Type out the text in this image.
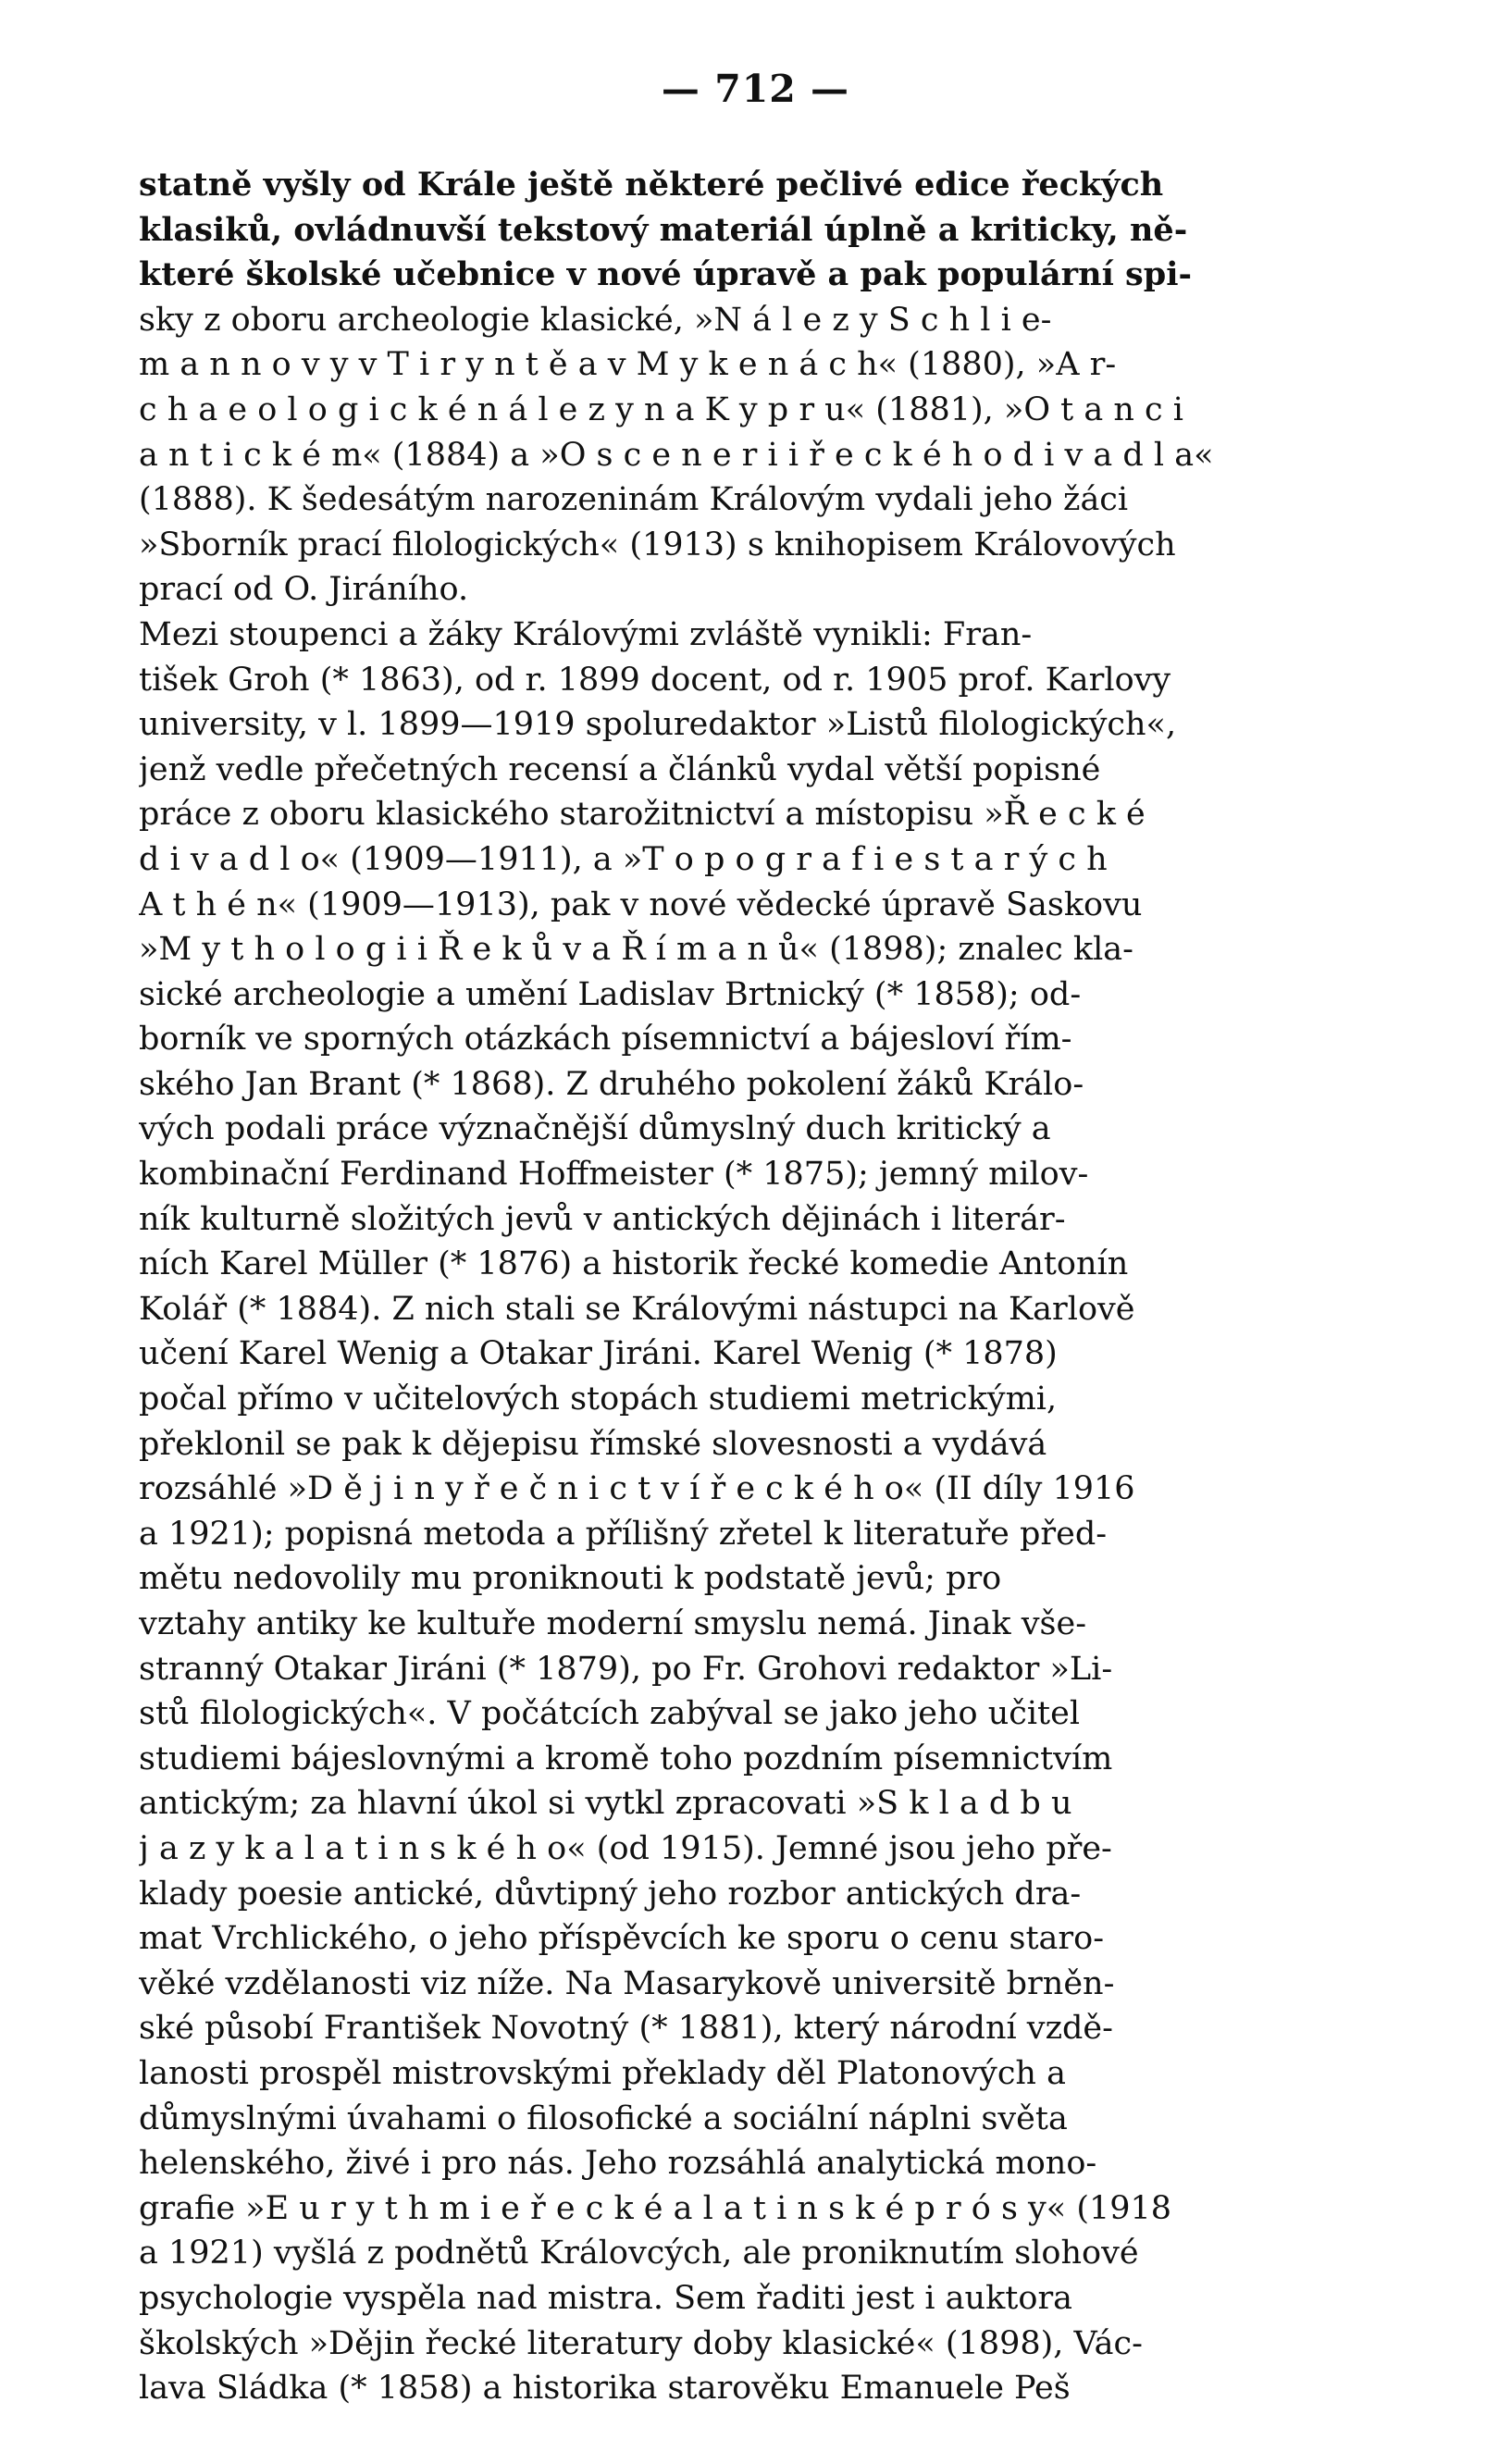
— 712 —
statně vyšly od Krále ještě některé pečlivé edice řeckých
klasiků, ovládnuvší tekstový materiál úplně a kriticky, ně-
které školské učebnice v nové úpravě a pak populární spi-
sky z oboru archeologie klasické, »N á l e z y S c h l i e-
m a n n o v y v T i r y n t ě a v M y k e n á c h« (1880), »A r-
c h a e o l o g i c k é n á l e z y n a K y p r u« (1881), »O t a n c i
a n t i c k é m« (1884) a »O s c e n e r i i ř e c k é h o d i v a d l a«
(1888). K šedesátým narozeninám Královým vydali jeho žáci
»Sborník prací filologických« (1913) s knihopisem Královových
prací od O. Jiráního.
Mezi stoupenci a žáky Královými zvláště vynikli: Fran-
tišek Groh (* 1863), od r. 1899 docent, od r. 1905 prof. Karlovy
university, v l. 1899—1919 spoluredaktor »Listů filologických«,
jenž vedle přečetných recensí a článků vydal větší popisné
práce z oboru klasického starožitnictví a místopisu »Ř e c k é
d i v a d l o« (1909—1911), a »T o p o g r a f i e s t a r ý c h
A t h é n« (1909—1913), pak v nové vědecké úpravě Saskovu
»M y t h o l o g i i Ř e k ů v a Ř í m a n ů« (1898); znalec kla-
sické archeologie a umění Ladislav Brtnický (* 1858); od-
borník ve sporných otázkách písemnictví a bájesloví řím-
ského Jan Brant (* 1868). Z druhého pokolení žáků Králo-
vých podali práce význačnější důmyslný duch kritický a
kombinační Ferdinand Hoffmeister (* 1875); jemný milov-
ník kulturně složitých jevů v antických dějinách i literár-
ních Karel Müller (* 1876) a historik řecké komedie Antonín
Kolář (* 1884). Z nich stali se Královými nástupci na Karlově
učení Karel Wenig a Otakar Jiráni. Karel Wenig (* 1878)
počal přímo v učitelových stopách studiemi metrickými,
překlonil se pak k dějepisu římské slovesnosti a vydává
rozsáhlé »D ě j i n y ř e č n i c t v í ř e c k é h o« (II díly 1916
a 1921); popisná metoda a přílišný zřetel k literatuře před-
mětu nedovolily mu proniknouti k podstatě jevů; pro
vztahy antiky ke kultuře moderní smyslu nemá. Jinak vše-
stranný Otakar Jiráni (* 1879), po Fr. Grohovi redaktor »Li-
stů filologických«. V počátcích zabýval se jako jeho učitel
studiemi bájeslovnými a kromě toho pozdním písemnictvím
antickým; za hlavní úkol si vytkl zpracovati »S k l a d b u
j a z y k a l a t i n s k é h o« (od 1915). Jemné jsou jeho pře-
klady poesie antické, důvtipný jeho rozbor antických dra-
mat Vrchlického, o jeho příspěvcích ke sporu o cenu staro-
věké vzdělanosti viz níže. Na Masarykově universitě brněn-
ské působí František Novotný (* 1881), který národní vzdě-
lanosti prospěl mistrovskými překlady děl Platonových a
důmyslnými úvahami o filosofické a sociální náplni světa
helenského, živé i pro nás. Jeho rozsáhlá analytická mono-
grafie »E u r y t h m i e ř e c k é a l a t i n s k é p r ó s y« (1918
a 1921) vyšlá z podnětů Královcých, ale proniknutím slohové
psychologie vyspěla nad mistra. Sem řaditi jest i auktora
školských »Dějin řecké literatury doby klasické« (1898), Vác-
lava Sládka (* 1858) a historika starověku Emanuele Peš
